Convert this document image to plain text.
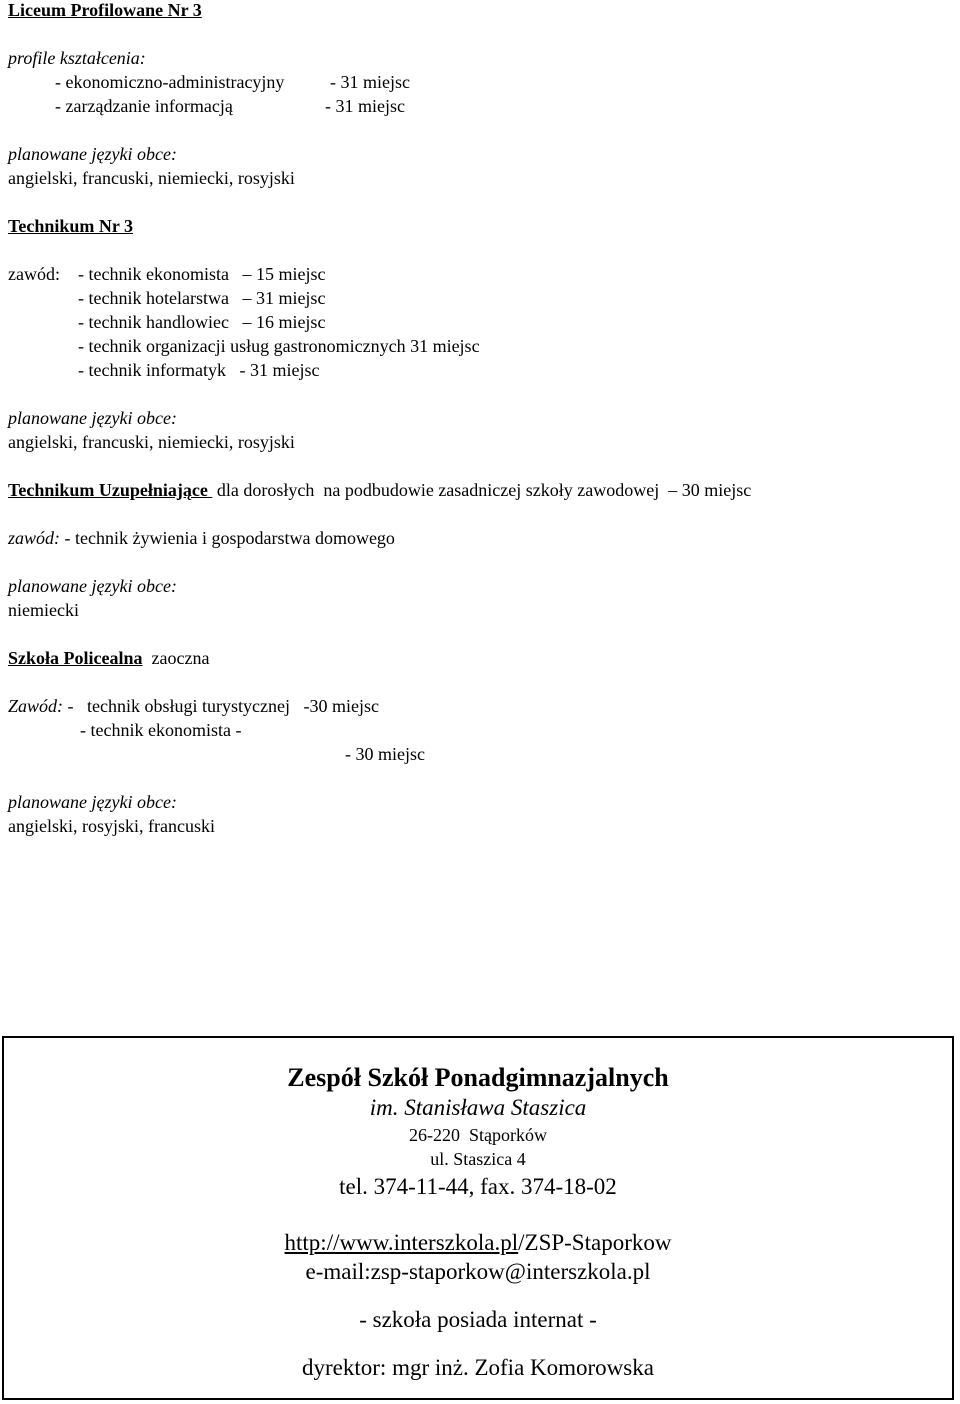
Liceum Profilowane Nr 3
profile kształcenia:
- ekonomiczno-administracyjny	- 31 miejsc
- zarządzanie informacją	- 31 miejsc
planowane języki obce:
angielski, francuski, niemiecki, rosyjski
Technikum Nr 3
zawód: - technik ekonomista   – 15 miejsc
- technik hotelarstwa   – 31 miejsc
- technik handlowiec   – 16 miejsc
- technik organizacji usług gastronomicznych 31 miejsc
- technik informatyk   - 31 miejsc
planowane języki obce:
angielski, francuski, niemiecki, rosyjski
Technikum Uzupełniające  dla dorosłych  na podbudowie zasadniczej szkoły zawodowej  – 30 miejsc
zawód: - technik żywienia i gospodarstwa domowego
planowane języki obce:
niemiecki
Szkoła Policealna  zaoczna
Zawód: -   technik obsługi turystycznej   -30 miejsc
- technik ekonomista -
- 30 miejsc
planowane języki obce:
angielski, rosyjski, francuski
Zespół Szkół Ponadgimnazjalnych
im. Stanisława Staszica
26-220  Stąporków
ul. Staszica 4
tel. 374-11-44, fax. 374-18-02
http://www.interszkola.pl/ZSP-Staporkow
e-mail:zsp-staporkow@interszkola.pl
- szkoła posiada internat -
dyrektor: mgr inż. Zofia Komorowska
